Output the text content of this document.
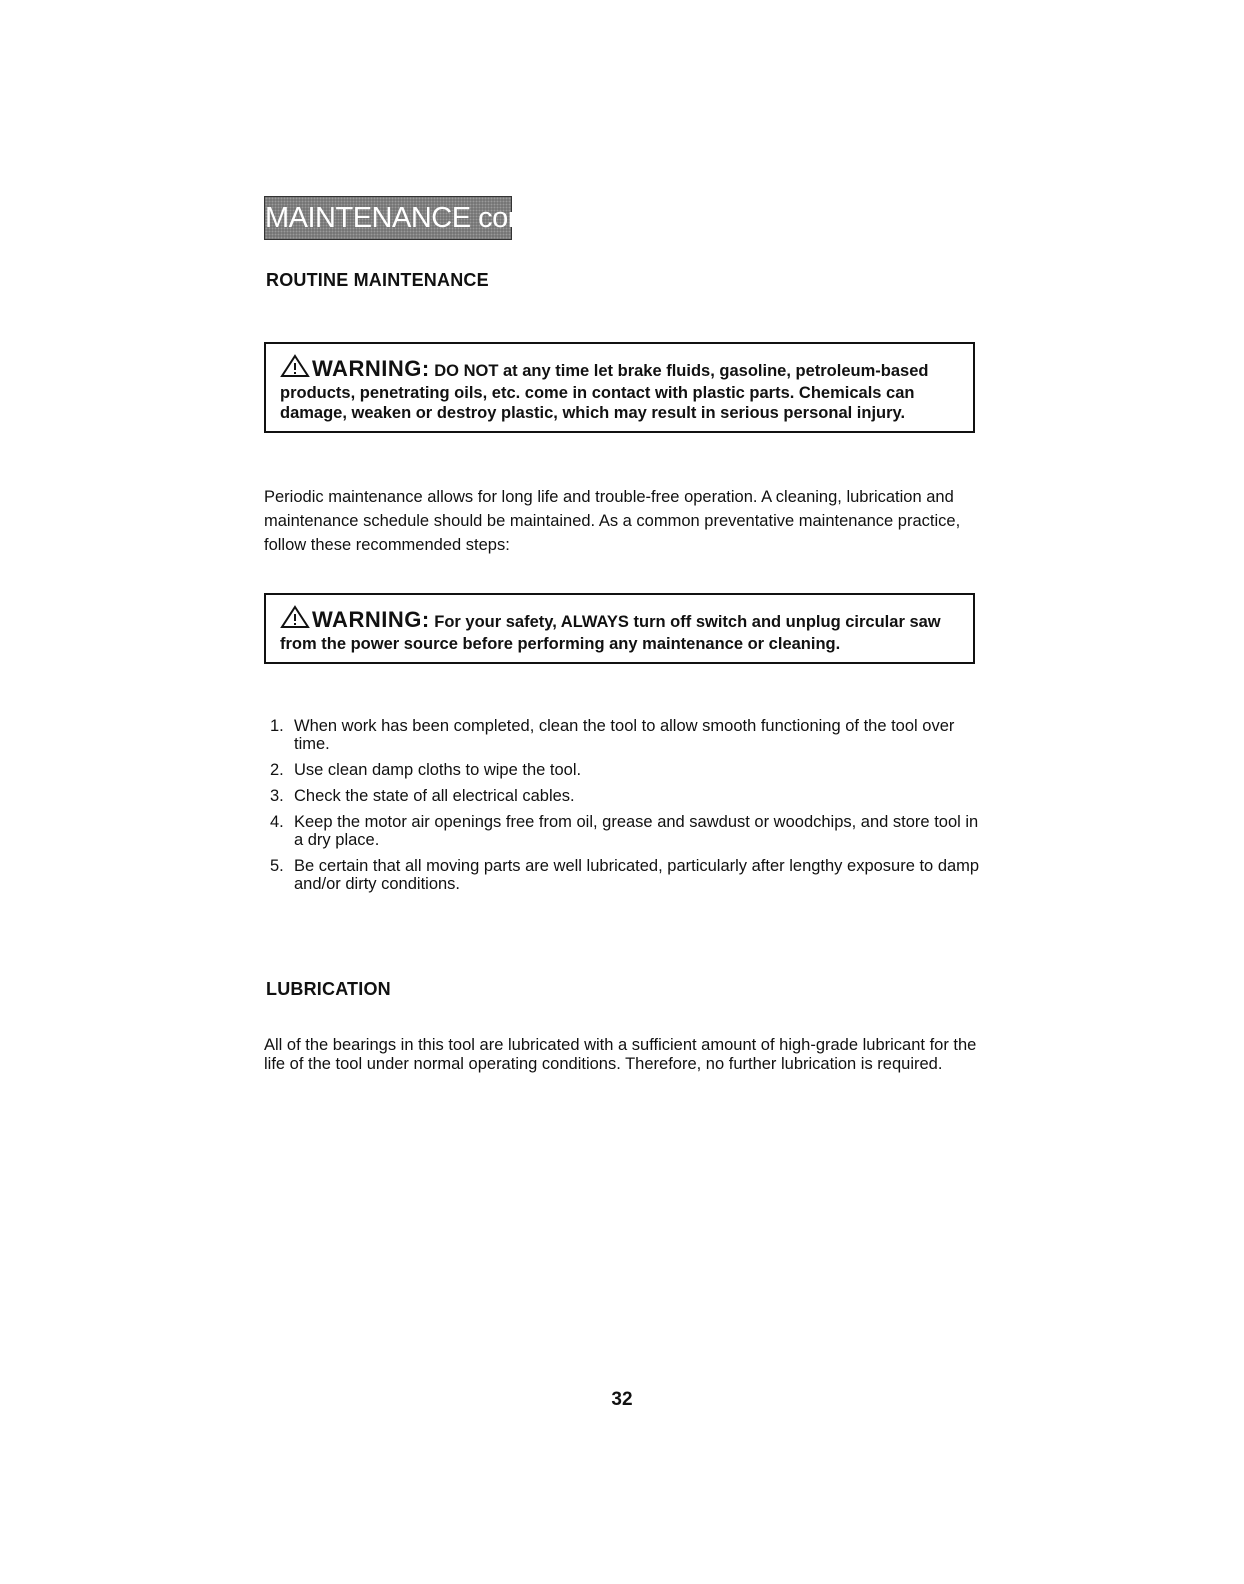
MAINTENANCE cont.
ROUTINE MAINTENANCE
WARNING: DO NOT at any time let brake fluids, gasoline, petroleum-based products, penetrating oils, etc. come in contact with plastic parts. Chemicals can damage, weaken or destroy plastic, which may result in serious personal injury.
Periodic maintenance allows for long life and trouble-free operation. A cleaning, lubrication and maintenance schedule should be maintained. As a common preventative maintenance practice, follow these recommended steps:
WARNING: For your safety, ALWAYS turn off switch and unplug circular saw from the power source before performing any maintenance or cleaning.
1. When work has been completed, clean the tool to allow smooth functioning of the tool over time.
2. Use clean damp cloths to wipe the tool.
3. Check the state of all electrical cables.
4. Keep the motor air openings free from oil, grease and sawdust or woodchips, and store tool in a dry place.
5. Be certain that all moving parts are well lubricated, particularly after lengthy exposure to damp and/or dirty conditions.
LUBRICATION
All of the bearings in this tool are lubricated with a sufficient amount of high-grade lubricant for the life of the tool under normal operating conditions. Therefore, no further lubrication is required.
32
